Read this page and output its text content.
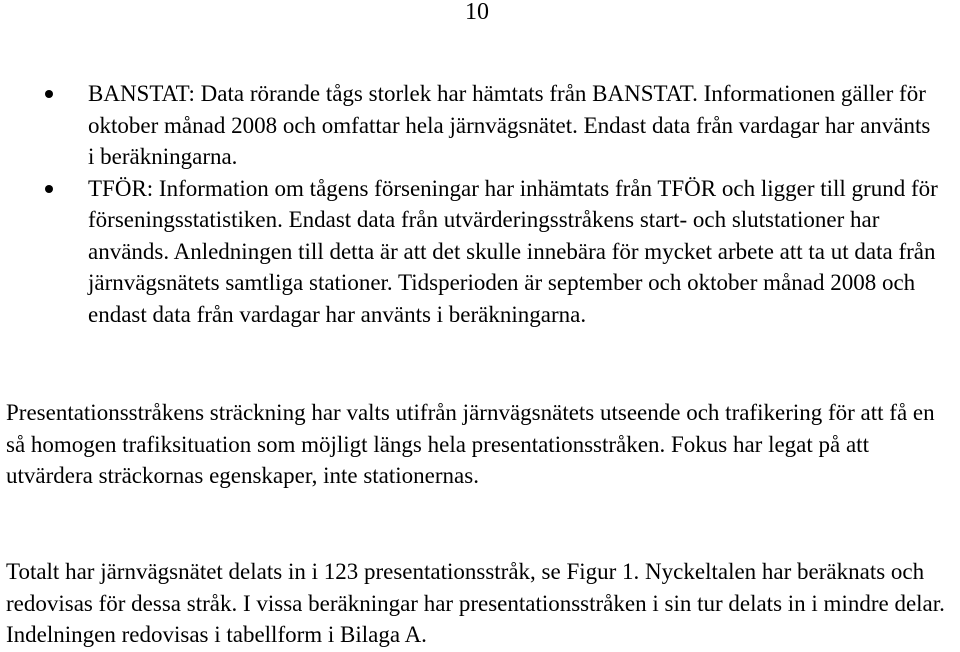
10
BANSTAT: Data rörande tågs storlek har hämtats från BANSTAT. Informationen gäller för oktober månad 2008 och omfattar hela järnvägsnätet. Endast data från vardagar har använts i beräkningarna.
TFÖR: Information om tågens förseningar har inhämtats från TFÖR och ligger till grund för förseningsstatistiken. Endast data från utvärderingsstråkens start- och slutstationer har används. Anledningen till detta är att det skulle innebära för mycket arbete att ta ut data från järnvägsnätets samtliga stationer. Tidsperioden är september och oktober månad 2008 och endast data från vardagar har använts i beräkningarna.
Presentationsstråkens sträckning har valts utifrån järnvägsnätets utseende och trafikering för att få en så homogen trafiksituation som möjligt längs hela presentationsstråken. Fokus har legat på att utvärdera sträckornas egenskaper, inte stationernas.
Totalt har järnvägsnätet delats in i 123 presentationsstråk, se Figur 1. Nyckeltalen har beräknats och redovisas för dessa stråk. I vissa beräkningar har presentationsstråken i sin tur delats in i mindre delar. Indelningen redovisas i tabellform i Bilaga A.
